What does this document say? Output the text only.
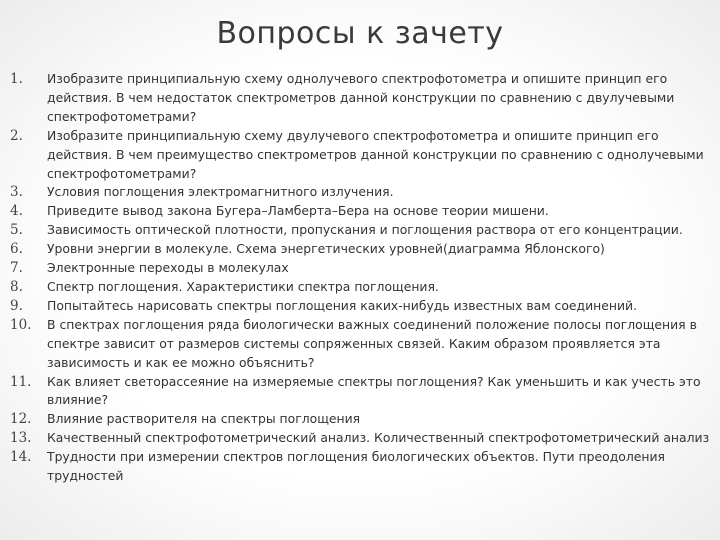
Вопросы к зачету
1.	Изобразите принципиальную схему однолучевого спектрофотометра и опишите принцип его действия. В чем недостаток спектрометров данной конструкции по сравнению с двулучевыми спектрофотометрами?
2.	Изобразите принципиальную схему двулучевого спектрофотометра и опишите принцип его действия. В чем преимущество спектрометров данной конструкции по сравнению с однолучевыми спектрофотометрами?
3.	Условия поглощения электромагнитного излучения.
4.	Приведите вывод закона Бугера–Ламберта–Бера на основе теории мишени.
5.	Зависимость оптической плотности, пропускания и поглощения раствора от его концентрации.
6.	Уровни энергии в молекуле. Схема энергетических уровней(диаграмма Яблонского)
7.	Электронные переходы в молекулах
8.	Спектр поглощения. Характеристики спектра поглощения.
9.	Попытайтесь нарисовать спектры поглощения каких-нибудь известных вам соединений.
10.	В спектрах поглощения ряда биологически важных соединений положение полосы поглощения в спектре зависит от размеров системы сопряженных связей. Каким образом проявляется эта зависимость и как ее можно объяснить?
11.	Как влияет светорассеяние на измеряемые спектры поглощения? Как уменьшить и как учесть это влияние?
12.	Влияние растворителя на спектры поглощения
13.	Качественный спектрофотометрический анализ. Количественный спектрофотометрический анализ
14.	Трудности при измерении спектров поглощения биологических объектов. Пути преодоления трудностей
